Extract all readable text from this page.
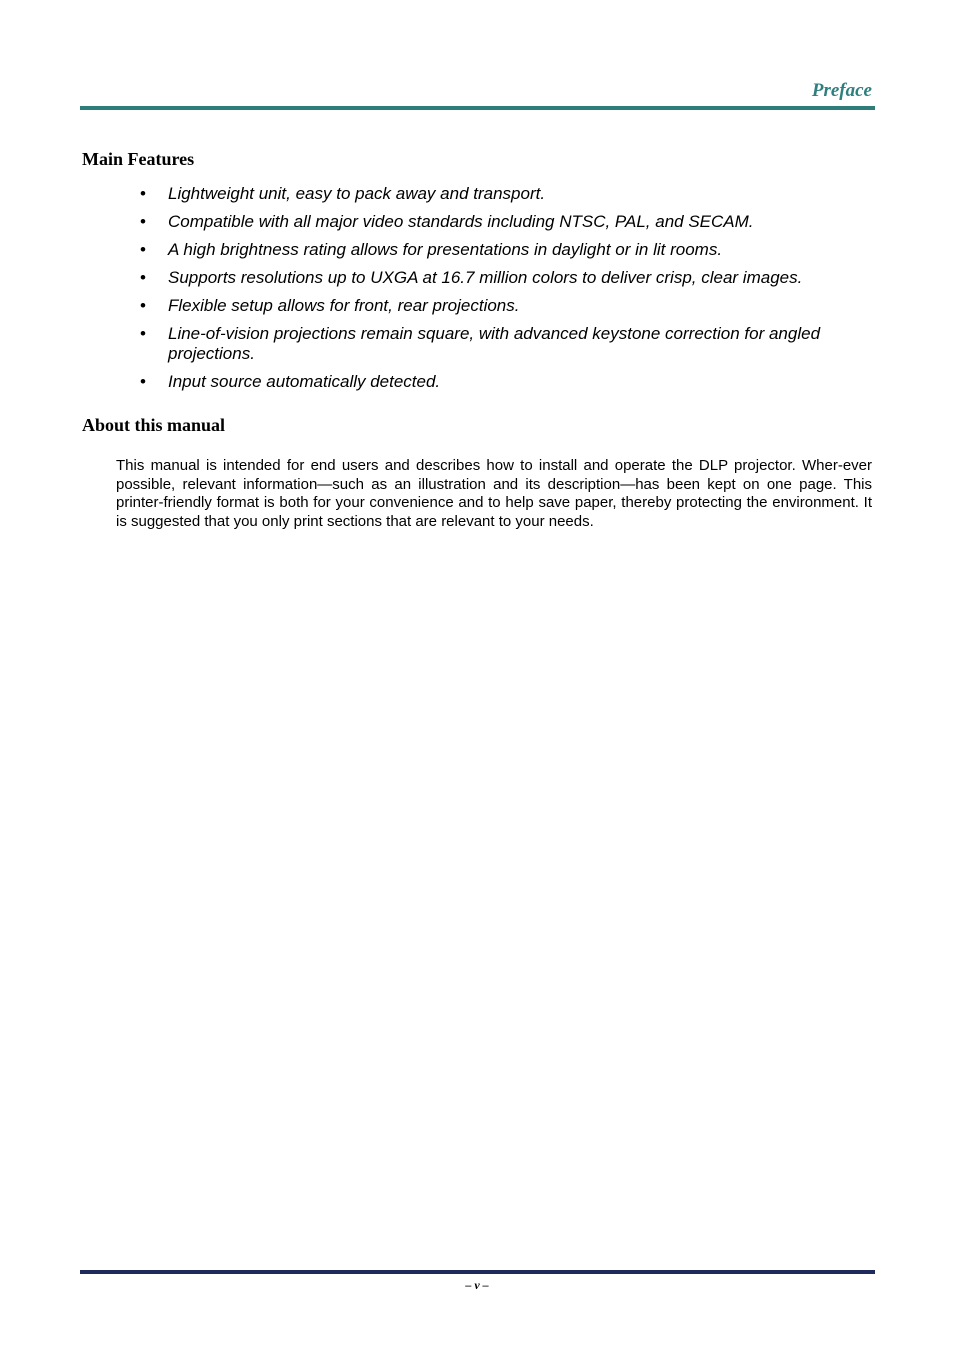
Preface
Main Features
• Lightweight unit, easy to pack away and transport.
• Compatible with all major video standards including NTSC, PAL, and SECAM.
• A high brightness rating allows for presentations in daylight or in lit rooms.
• Supports resolutions up to UXGA at 16.7 million colors to deliver crisp, clear images.
• Flexible setup allows for front, rear projections.
• Line-of-vision projections remain square, with advanced keystone correction for angled projections.
• Input source automatically detected.
About this manual

This manual is intended for end users and describes how to install and operate the DLP projector. Wher-ever possible, relevant information—such as an illustration and its description—has been kept on one page. This printer-friendly format is both for your convenience and to help save paper, thereby protecting the environment. It is suggested that you only print sections that are relevant to your needs.

– v –
